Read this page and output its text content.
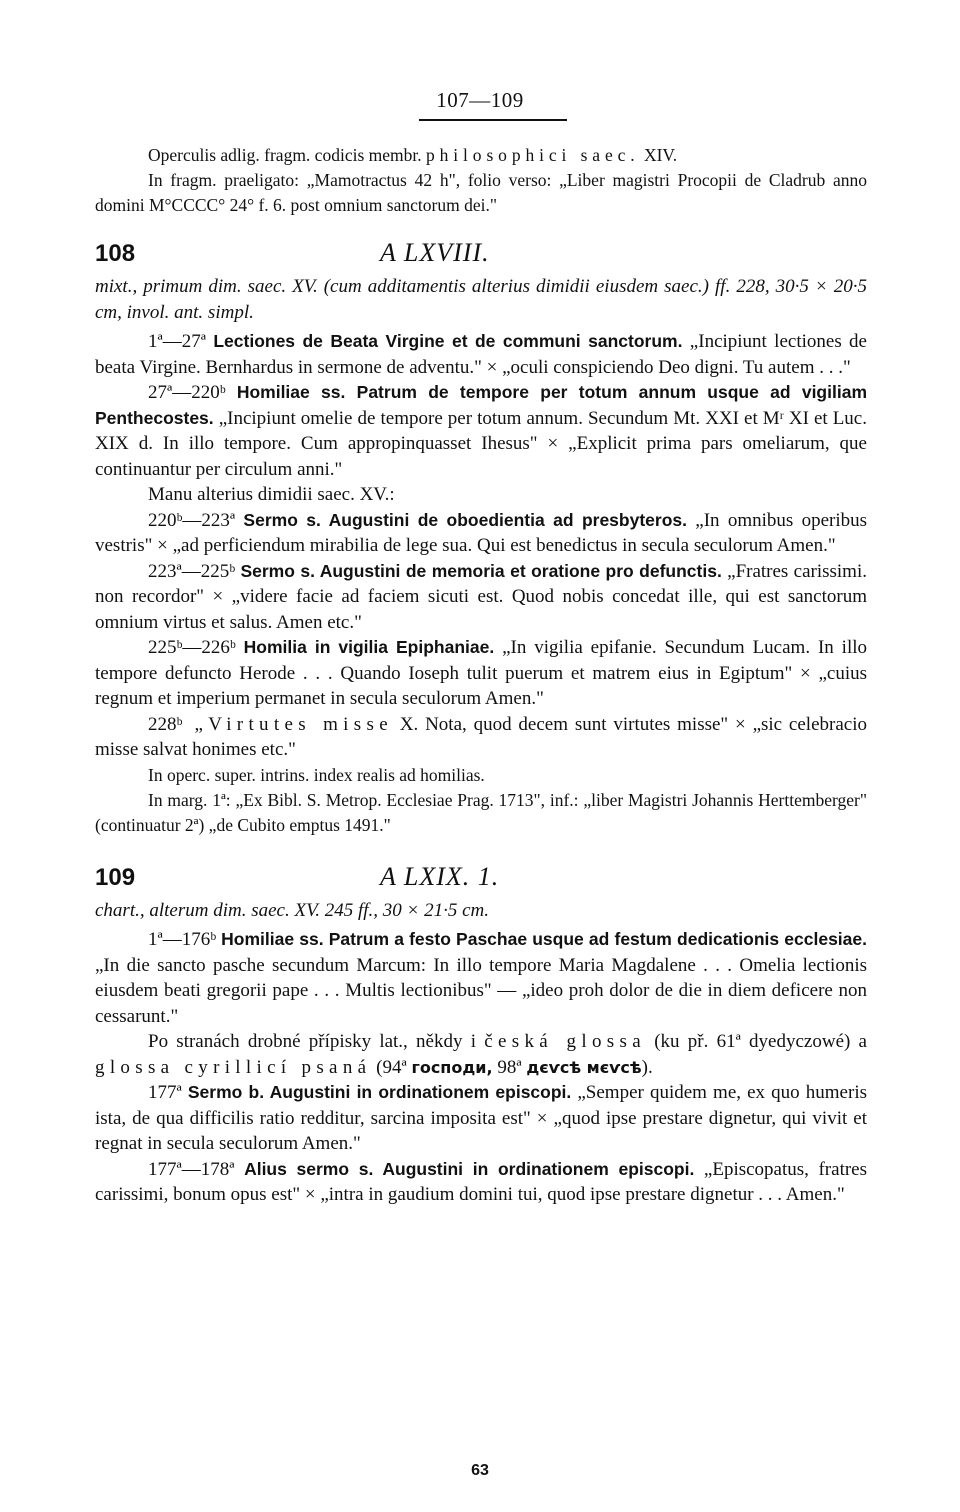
107—109

Operculis adlig. fragm. codicis membr. philosophici saec. XIV.

In fragm. praeligato: „Mamotractus 42 h", folio verso: „Liber magistri Procopii de Cladrub anno domini M°CCCC° 24° f. 6. post omnium sanctorum dei."

108	A LXVIII.

mixt., primum dim. saec. XV. (cum additamentis alterius dimidii eiusdem saec.) ff. 228, 30·5 × 20·5 cm, invol. ant. simpl.

1ª—27ª Lectiones de Beata Virgine et de communi sanctorum. „Incipiunt lectiones de beata Virgine. Bernhardus in sermone de adventu." × „oculi conspiciendo Deo digni. Tu autem . . ."

27ª—220ᵇ Homiliae ss. Patrum de tempore per totum annum usque ad vigiliam Penthecostes. „Incipiunt omelie de tempore per totum annum. Secundum Mt. XXI et Mʳ XI et Luc. XIX d. In illo tempore. Cum appropinquasset Ihesus" × „Explicit prima pars omeliarum, que continuantur per circulum anni."

Manu alterius dimidii saec. XV.:

220ᵇ—223ª Sermo s. Augustini de oboedientia ad presbyteros. „In omnibus operibus vestris" × „ad perficiendum mirabilia de lege sua. Qui est benedictus in secula seculorum Amen."

223ª—225ᵇ Sermo s. Augustini de memoria et oratione pro defunctis. „Fratres carissimi. non recordor" × „videre facie ad faciem sicuti est. Quod nobis concedat ille, qui est sanctorum omnium virtus et salus. Amen etc."

225ᵇ—226ᵇ Homilia in vigilia Epiphaniae. „In vigilia epifanie. Secundum Lucam. In illo tempore defuncto Herode . . . Quando Ioseph tulit puerum et matrem eius in Egiptum" × „cuius regnum et imperium permanet in secula seculorum Amen."

228ᵇ „Virtutes misse X. Nota, quod decem sunt virtutes misse" × „sic celebracio misse salvat honimes etc."

In operc. super. intrins. index realis ad homilias.

In marg. 1ª: „Ex Bibl. S. Metrop. Ecclesiae Prag. 1713", inf.: „liber Magistri Johannis Herttemberger" (continuatur 2ª) „de Cubito emptus 1491."

109	A LXIX. 1.

chart., alterum dim. saec. XV. 245 ff., 30 × 21·5 cm.

1ª—176ᵇ Homiliae ss. Patrum a festo Paschae usque ad festum dedicationis ecclesiae. „In die sancto pasche secundum Marcum: In illo tempore Maria Magdalene . . . Omelia lectionis eiusdem beati gregorii pape . . . Multis lectionibus" — „ideo proh dolor de die in diem deficere non cessarunt."

Po stranách drobné přípisky lat., někdy i česká glossa (ku př. 61ª dyedyczowé) a glossa cyrillicí psaná (94ª господи, 98ª дєѵсѣ мєѵсѣ).

177ª Sermo b. Augustini in ordinationem episcopi. „Semper quidem me, ex quo humeris ista, de qua difficilis ratio redditur, sarcina imposita est" × „quod ipse prestare dignetur, qui vivit et regnat in secula seculorum Amen."

177ª—178ª Alius sermo s. Augustini in ordinationem episcopi. „Episcopatus, fratres carissimi, bonum opus est" × „intra in gaudium domini tui, quod ipse prestare dignetur . . . Amen."

63
